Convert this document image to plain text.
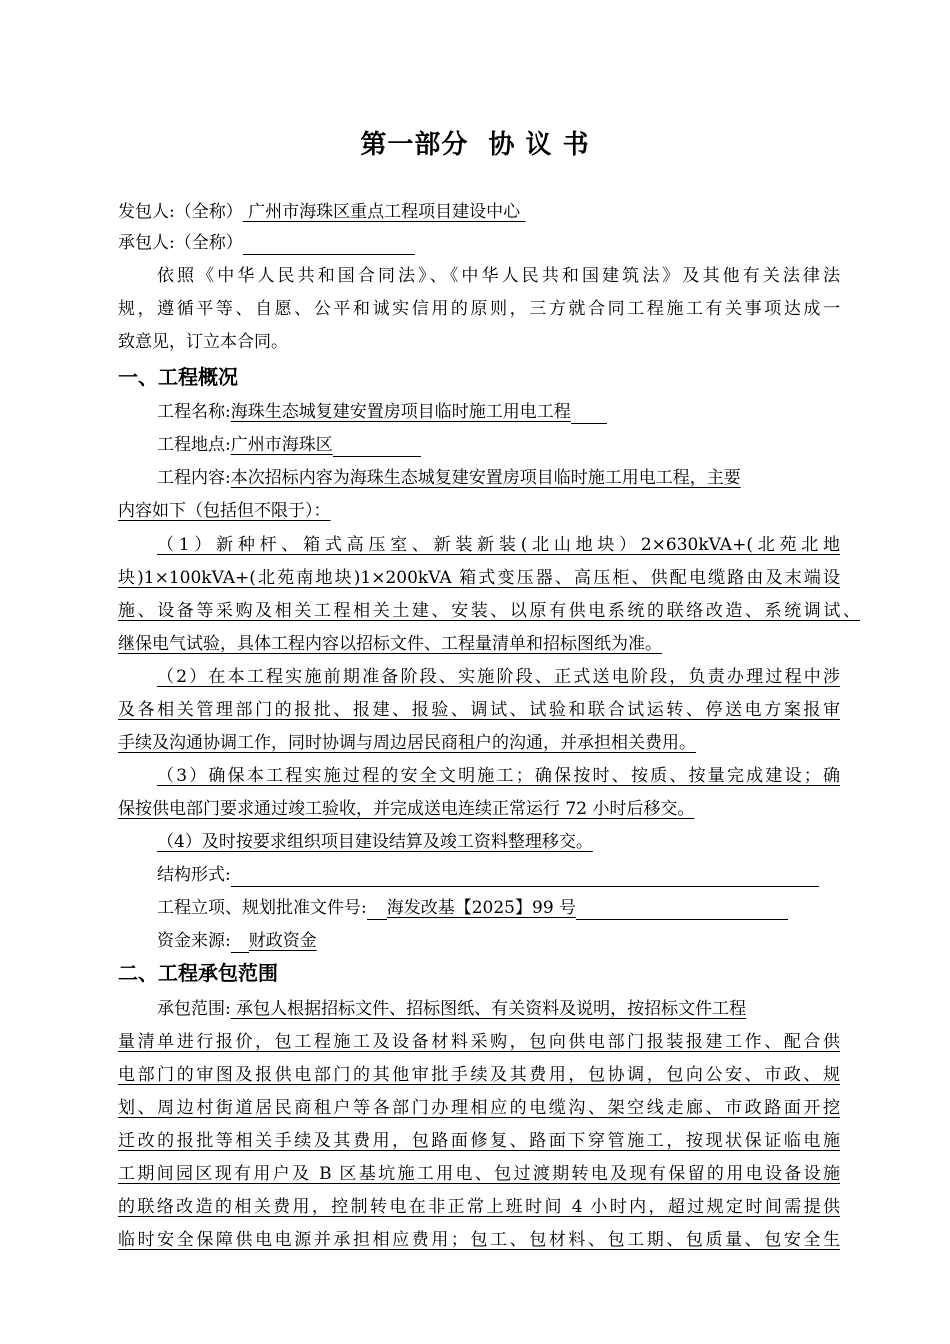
第一部分  协 议 书
发包人:（全称） 广州市海珠区重点工程项目建设中心
承包人:（全称）
依照《中华人民共和国合同法》、《中华人民共和国建筑法》及其他有关法律法
规，遵循平等、自愿、公平和诚实信用的原则，三方就合同工程施工有关事项达成一
致意见，订立本合同。
一、工程概况
工程名称:海珠生态城复建安置房项目临时施工用电工程
工程地点:广州市海珠区
工程内容:本次招标内容为海珠生态城复建安置房项目临时施工用电工程，主要
内容如下（包括但不限于）：
（1）新种杆、箱式高压室、新装新装(北山地块）2×630kVA+(北苑北地
块)1×100kVA+(北苑南地块)1×200kVA 箱式变压器、高压柜、供配电缆路由及末端设
施、设备等采购及相关工程相关土建、安装、以原有供电系统的联络改造、系统调试、
继保电气试验，具体工程内容以招标文件、工程量清单和招标图纸为准。
（2）在本工程实施前期准备阶段、实施阶段、正式送电阶段，负责办理过程中涉
及各相关管理部门的报批、报建、报验、调试、试验和联合试运转、停送电方案报审
手续及沟通协调工作，同时协调与周边居民商租户的沟通，并承担相关费用。
（3）确保本工程实施过程的安全文明施工；确保按时、按质、按量完成建设；确
保按供电部门要求通过竣工验收，并完成送电连续正常运行 72 小时后移交。
（4）及时按要求组织项目建设结算及竣工资料整理移交。
结构形式:
工程立项、规划批准文件号: 海发改基【2025】99 号
资金来源: 财政资金
二、工程承包范围
承包范围: 承包人根据招标文件、招标图纸、有关资料及说明，按招标文件工程
量清单进行报价，包工程施工及设备材料采购，包向供电部门报装报建工作、配合供
电部门的审图及报供电部门的其他审批手续及其费用，包协调，包向公安、市政、规
划、周边村街道居民商租户等各部门办理相应的电缆沟、架空线走廊、市政路面开挖
迁改的报批等相关手续及其费用，包路面修复、路面下穿管施工，按现状保证临电施
工期间园区现有用户及 B 区基坑施工用电、包过渡期转电及现有保留的用电设备设施
的联络改造的相关费用，控制转电在非正常上班时间 4 小时内，超过规定时间需提供
临时安全保障供电电源并承担相应费用；包工、包材料、包工期、包质量、包安全生
